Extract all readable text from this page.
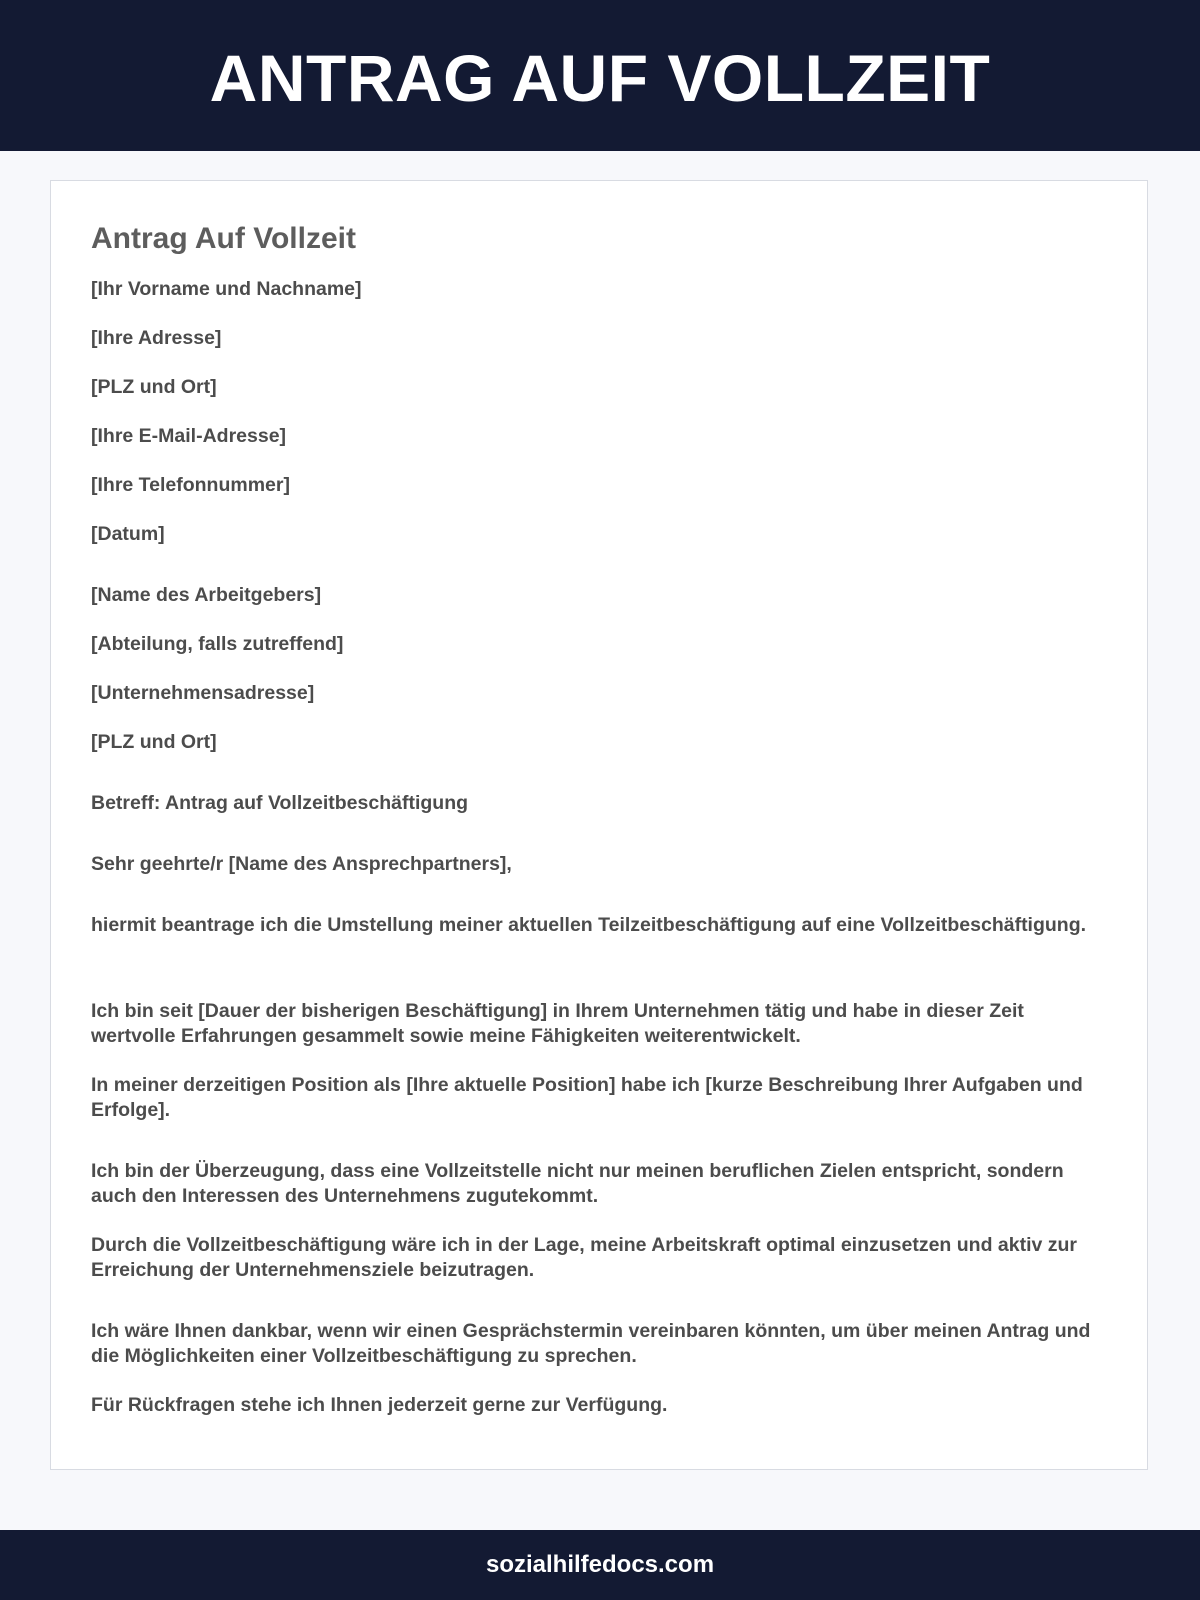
ANTRAG AUF VOLLZEIT
Antrag Auf Vollzeit

[Ihr Vorname und Nachname]

[Ihre Adresse]

[PLZ und Ort]

[Ihre E-Mail-Adresse]

[Ihre Telefonnummer]

[Datum]

[Name des Arbeitgebers]

[Abteilung, falls zutreffend]

[Unternehmensadresse]

[PLZ und Ort]

Betreff: Antrag auf Vollzeitbeschäftigung

Sehr geehrte/r [Name des Ansprechpartners],

hiermit beantrage ich die Umstellung meiner aktuellen Teilzeitbeschäftigung auf eine Vollzeitbeschäftigung.

Ich bin seit [Dauer der bisherigen Beschäftigung] in Ihrem Unternehmen tätig und habe in dieser Zeit wertvolle Erfahrungen gesammelt sowie meine Fähigkeiten weiterentwickelt.

In meiner derzeitigen Position als [Ihre aktuelle Position] habe ich [kurze Beschreibung Ihrer Aufgaben und Erfolge].

Ich bin der Überzeugung, dass eine Vollzeitstelle nicht nur meinen beruflichen Zielen entspricht, sondern auch den Interessen des Unternehmens zugutekommt.

Durch die Vollzeitbeschäftigung wäre ich in der Lage, meine Arbeitskraft optimal einzusetzen und aktiv zur Erreichung der Unternehmensziele beizutragen.

Ich wäre Ihnen dankbar, wenn wir einen Gesprächstermin vereinbaren könnten, um über meinen Antrag und die Möglichkeiten einer Vollzeitbeschäftigung zu sprechen.

Für Rückfragen stehe ich Ihnen jederzeit gerne zur Verfügung.

sozialhilfedocs.com
